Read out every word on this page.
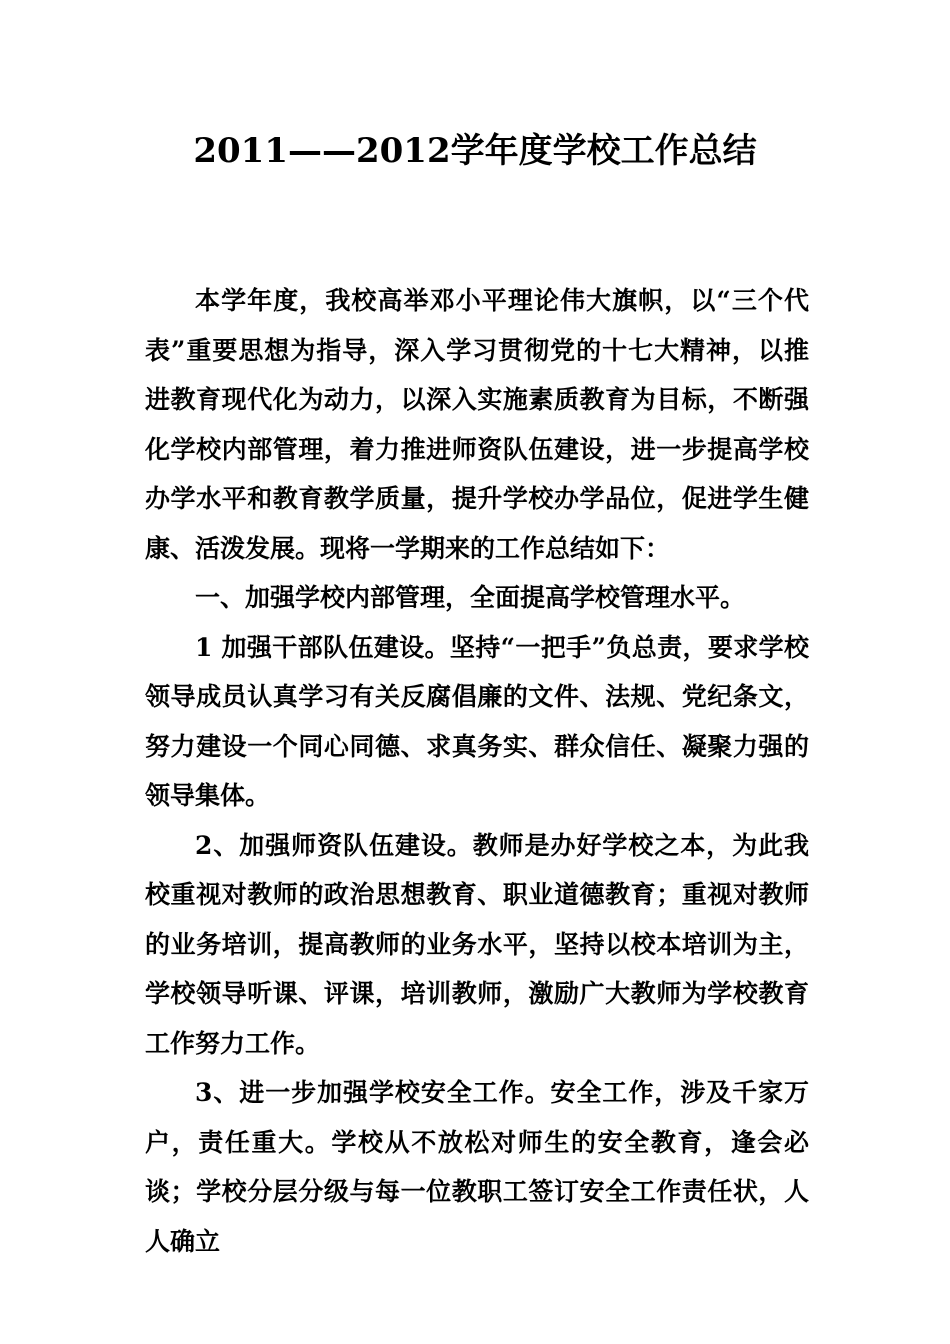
2011——2012学年度学校工作总结

本学年度，我校高举邓小平理论伟大旗帜，以“三个代表”重要思想为指导，深入学习贯彻党的十七大精神，以推进教育现代化为动力，以深入实施素质教育为目标，不断强化学校内部管理，着力推进师资队伍建设，进一步提高学校办学水平和教育教学质量，提升学校办学品位，促进学生健康、活泼发展。现将一学期来的工作总结如下：

一、加强学校内部管理，全面提高学校管理水平。

1 加强干部队伍建设。坚持“一把手”负总责，要求学校领导成员认真学习有关反腐倡廉的文件、法规、党纪条文，努力建设一个同心同德、求真务实、群众信任、凝聚力强的领导集体。

2、加强师资队伍建设。教师是办好学校之本，为此我校重视对教师的政治思想教育、职业道德教育；重视对教师的业务培训，提高教师的业务水平，坚持以校本培训为主，学校领导听课、评课，培训教师，激励广大教师为学校教育工作努力工作。

3、进一步加强学校安全工作。安全工作，涉及千家万户，责任重大。学校从不放松对师生的安全教育，逢会必谈；学校分层分级与每一位教职工签订安全工作责任状，人人确立
